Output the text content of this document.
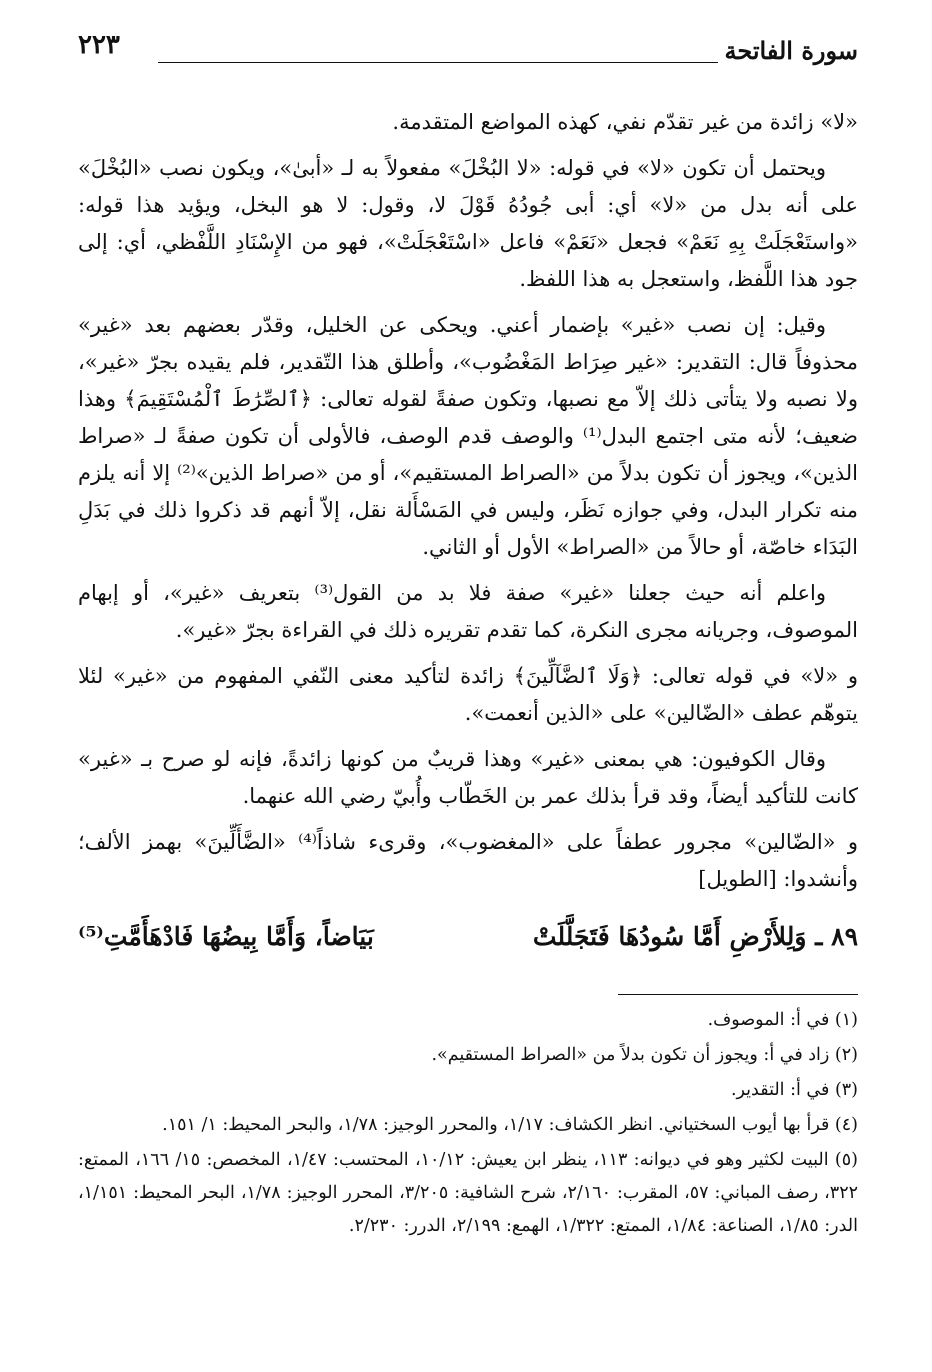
سورة الفاتحة
٢٢٣

«لا» زائدة من غير تقدّم نفي، كهذه المواضع المتقدمة.

ويحتمل أن تكون «لا» في قوله: «لا البُخْلَ» مفعولاً به لـ «أبىٰ»، ويكون نصب «البُخْلَ» على أنه بدل من «لا» أي: أبى جُودُهُ قَوْلَ لا، وقول: لا هو البخل، ويؤيد هذا قوله: «واستَعْجَلَتْ بِهِ نَعَمْ» فجعل «نَعَمْ» فاعل «اسْتَعْجَلَتْ»، فهو من الإِسْنَادِ اللَّفْظي، أي: إلى جود هذا اللَّفظ، واستعجل به هذا اللفظ.

وقيل: إن نصب «غير» بإضمار أعني. ويحكى عن الخليل، وقدّر بعضهم بعد «غير» محذوفاً قال: التقدير: «غير صِرَاط المَغْضُوب»، وأطلق هذا التّقدير، فلم يقيده بجرّ «غير»، ولا نصبه ولا يتأتى ذلك إلاّ مع نصبها، وتكون صفةً لقوله تعالى: ﴿ٱلصِّرَٰطَ ٱلْمُسْتَقِيمَ﴾ وهذا ضعيف؛ لأنه متى اجتمع البدل⁽¹⁾ والوصف قدم الوصف، فالأولى أن تكون صفةً لـ «صراط الذين»، ويجوز أن تكون بدلاً من «الصراط المستقيم»، أو من «صراط الذين»⁽²⁾ إلا أنه يلزم منه تكرار البدل، وفي جوازه نَظَر، وليس في المَسْأَلة نقل، إلاّ أنهم قد ذكروا ذلك في بَدَلِ البَدَاء خاصّة، أو حالاً من «الصراط» الأول أو الثاني.

واعلم أنه حيث جعلنا «غير» صفة فلا بد من القول⁽³⁾ بتعريف «غير»، أو إبهام الموصوف، وجريانه مجرى النكرة، كما تقدم تقريره ذلك في القراءة بجرّ «غير».

و «لا» في قوله تعالى: ﴿وَلَا ٱلضَّآلِّينَ﴾ زائدة لتأكيد معنى النّفي المفهوم من «غير» لئلا يتوهّم عطف «الضّالين» على «الذين أنعمت».

وقال الكوفيون: هي بمعنى «غير» وهذا قريبٌ من كونها زائدةً، فإنه لو صرح بـ «غير» كانت للتأكيد أيضاً، وقد قرأ بذلك عمر بن الخَطّاب وأُبيّ رضي الله عنهما.

و «الضّالين» مجرور عطفاً على «المغضوب»، وقرىء شاذاً⁽⁴⁾ «الضَّأَلِّينَ» بهمز الألف؛ وأنشدوا: [الطويل]

٨٩ ـ وَلِلأَرْضِ أَمَّا سُودُهَا فَتَجَلَّلَتْ
بَيَاضاً، وَأَمَّا بِيضُهَا فَادْهَأَمَّتِ⁽⁵⁾
(١) في أ: الموصوف.
(٢) زاد في أ: ويجوز أن تكون بدلاً من «الصراط المستقيم».
(٣) في أ: التقدير.
(٤) قرأ بها أيوب السختياني. انظر الكشاف: ١/١٧، والمحرر الوجيز: ١/٧٨، والبحر المحيط: ١/ ١٥١.
(٥) البيت لكثير وهو في ديوانه: ١١٣، ينظر ابن يعيش: ١٠/١٢، المحتسب: ١/٤٧، المخصص: ١٥/ ١٦٦، الممتع: ٣٢٢، رصف المباني: ٥٧، المقرب: ٢/١٦٠، شرح الشافية: ٣/٢٠٥، المحرر الوجيز: ١/٧٨، البحر المحيط: ١/١٥١، الدر: ١/٨٥، الصناعة: ١/٨٤، الممتع: ١/٣٢٢، الهمع: ٢/١٩٩، الدرر: ٢/٢٣٠.
